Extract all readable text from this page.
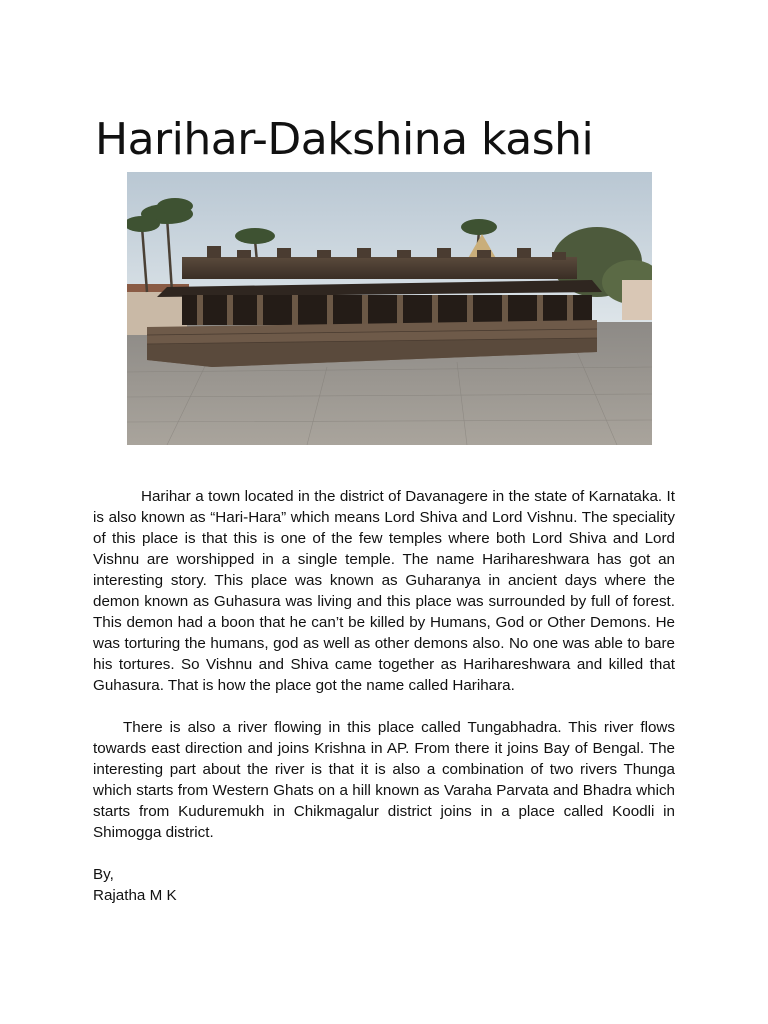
Harihar-Dakshina kashi

Harihar a town located in the district of Davanagere in the state of Karnataka. It is also known as “Hari-Hara” which means Lord Shiva and Lord Vishnu. The speciality of this place is that this is one of the few temples where both Lord Shiva and Lord Vishnu are worshipped in a single temple. The name Harihareshwara has got an interesting story. This place was known as Guharanya in ancient days where the demon known as Guhasura was living and this place was surrounded by full of forest. This demon had a boon that he can’t be killed by Humans, God or Other Demons. He was torturing the humans, god as well as other demons also. No one was able to bare his tortures. So Vishnu and Shiva came together as Harihareshwara and killed that Guhasura. That is how the place got the name called Harihara.

There is also a river flowing in this place called Tungabhadra. This river flows towards east direction and joins Krishna in AP. From there it joins Bay of Bengal. The interesting part about the river is that it is also a combination of two rivers Thunga which starts from Western Ghats on a hill known as Varaha Parvata and Bhadra which starts from Kuduremukh in Chikmagalur district joins in a place called Koodli in Shimogga district.

By,
Rajatha M K
